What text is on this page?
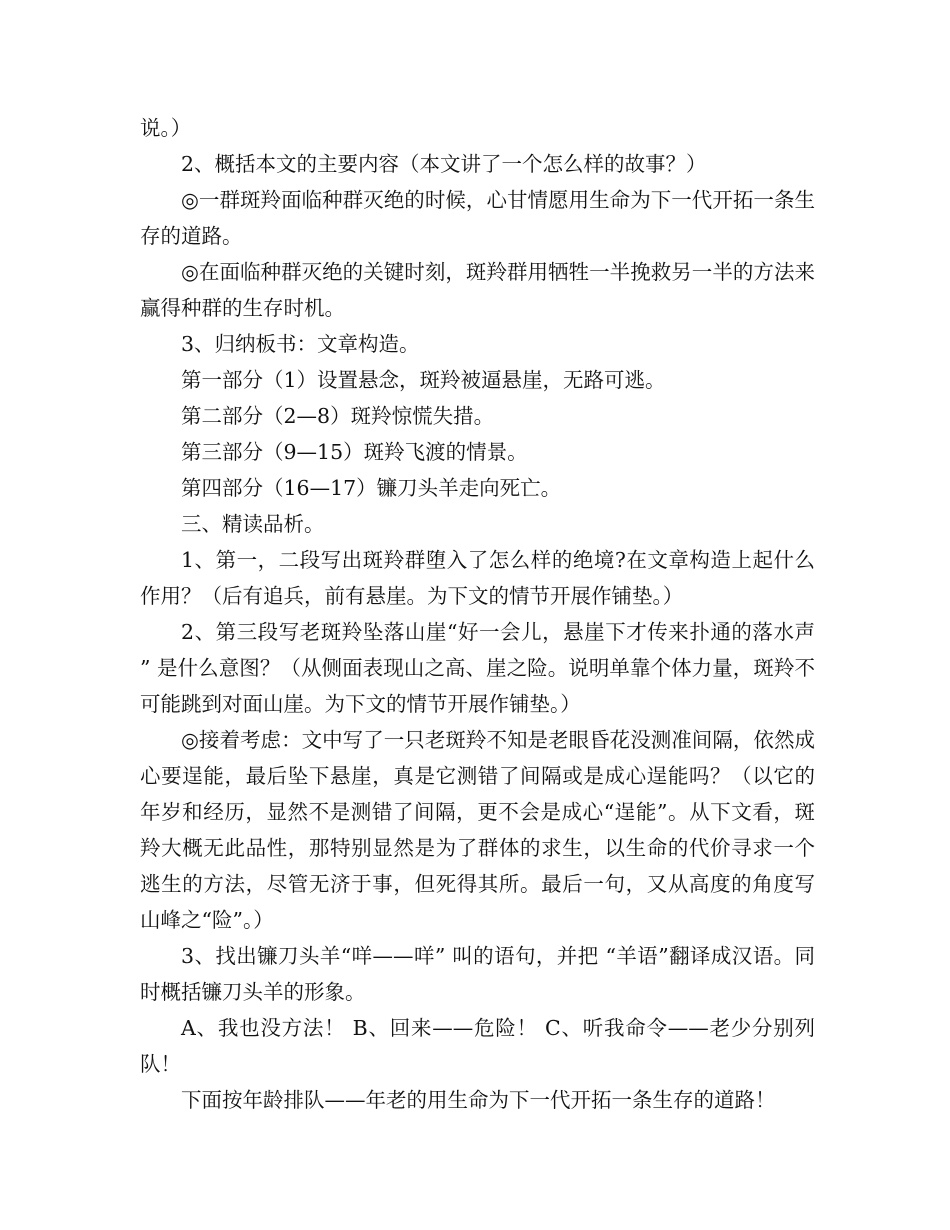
说。）

2、概括本文的主要内容（本文讲了一个怎么样的故事？）

◎一群斑羚面临种群灭绝的时候，心甘情愿用生命为下一代开拓一条生存的道路。

◎在面临种群灭绝的关键时刻，斑羚群用牺牲一半挽救另一半的方法来赢得种群的生存时机。

3、归纳板书：文章构造。

第一部分（1）设置悬念，斑羚被逼悬崖，无路可逃。

第二部分（2—8）斑羚惊慌失措。

第三部分（9—15）斑羚飞渡的情景。

第四部分（16—17）镰刀头羊走向死亡。

三、精读品析。

1、第一，二段写出斑羚群堕入了怎么样的绝境?在文章构造上起什么作用？（后有追兵，前有悬崖。为下文的情节开展作铺垫。）

2、第三段写老斑羚坠落山崖“好一会儿，悬崖下才传来扑通的落水声 ” 是什么意图？（从侧面表现山之高、崖之险。说明单靠个体力量，斑羚不可能跳到对面山崖。为下文的情节开展作铺垫。）

◎接着考虑：文中写了一只老斑羚不知是老眼昏花没测准间隔，依然成心要逞能，最后坠下悬崖，真是它测错了间隔或是成心逞能吗？（以它的年岁和经历，显然不是测错了间隔，更不会是成心“逞能”。从下文看，斑羚大概无此品性，那特别显然是为了群体的求生，以生命的代价寻求一个逃生的方法，尽管无济于事，但死得其所。最后一句，又从高度的角度写山峰之“险”。）

3、找出镰刀头羊“咩——咩” 叫的语句，并把 “羊语”翻译成汉语。同时概括镰刀头羊的形象。

A、我也没方法！ B、回来——危险！ C、听我命令——老少分别列队！

下面按年龄排队——年老的用生命为下一代开拓一条生存的道路！
